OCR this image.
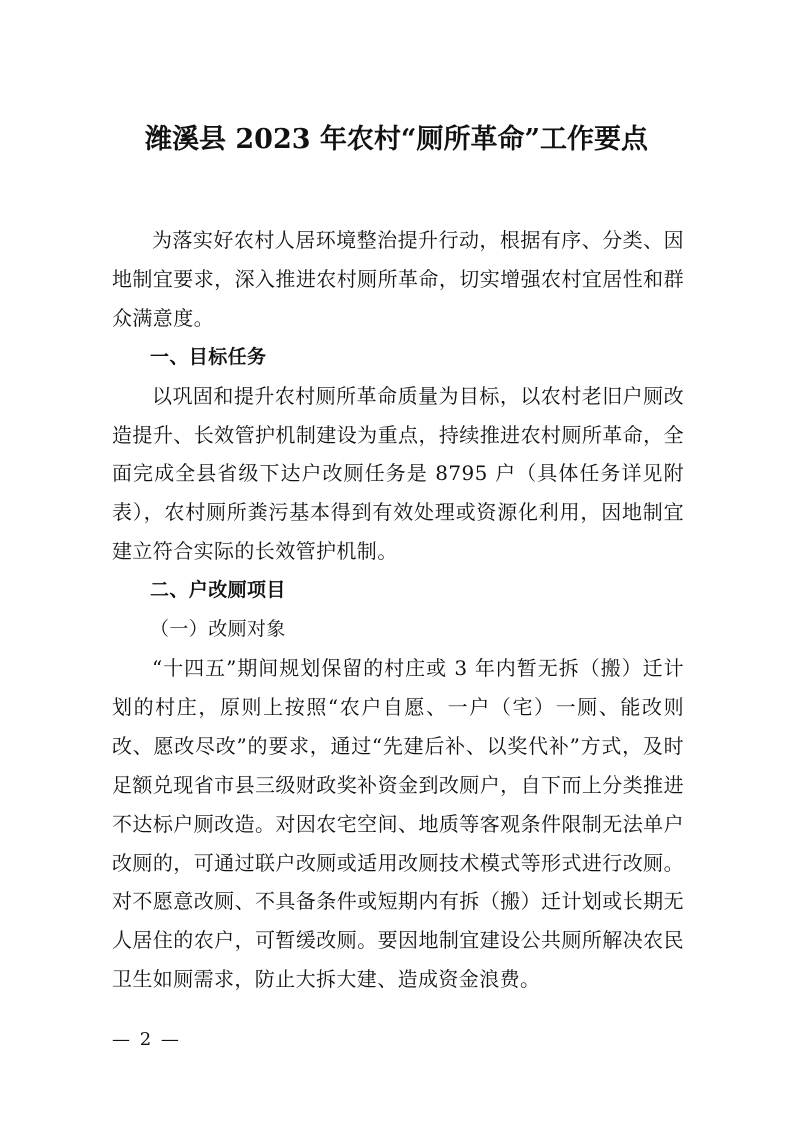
潍溪县 2023 年农村“厕所革命”工作要点

为落实好农村人居环境整治提升行动，根据有序、分类、因地制宜要求，深入推进农村厕所革命，切实增强农村宜居性和群众满意度。

一、目标任务

以巩固和提升农村厕所革命质量为目标，以农村老旧户厕改造提升、长效管护机制建设为重点，持续推进农村厕所革命，全面完成全县省级下达户改厕任务是 8795 户（具体任务详见附表），农村厕所粪污基本得到有效处理或资源化利用，因地制宜建立符合实际的长效管护机制。

二、户改厕项目

（一）改厕对象

“十四五”期间规划保留的村庄或 3 年内暂无拆（搬）迁计划的村庄，原则上按照“农户自愿、一户（宅）一厕、能改则改、愿改尽改”的要求，通过“先建后补、以奖代补”方式，及时足额兑现省市县三级财政奖补资金到改厕户，自下而上分类推进不达标户厕改造。对因农宅空间、地质等客观条件限制无法单户改厕的，可通过联户改厕或适用改厕技术模式等形式进行改厕。对不愿意改厕、不具备条件或短期内有拆（搬）迁计划或长期无人居住的农户，可暂缓改厕。要因地制宜建设公共厕所解决农民卫生如厕需求，防止大拆大建、造成资金浪费。

— 2 —
